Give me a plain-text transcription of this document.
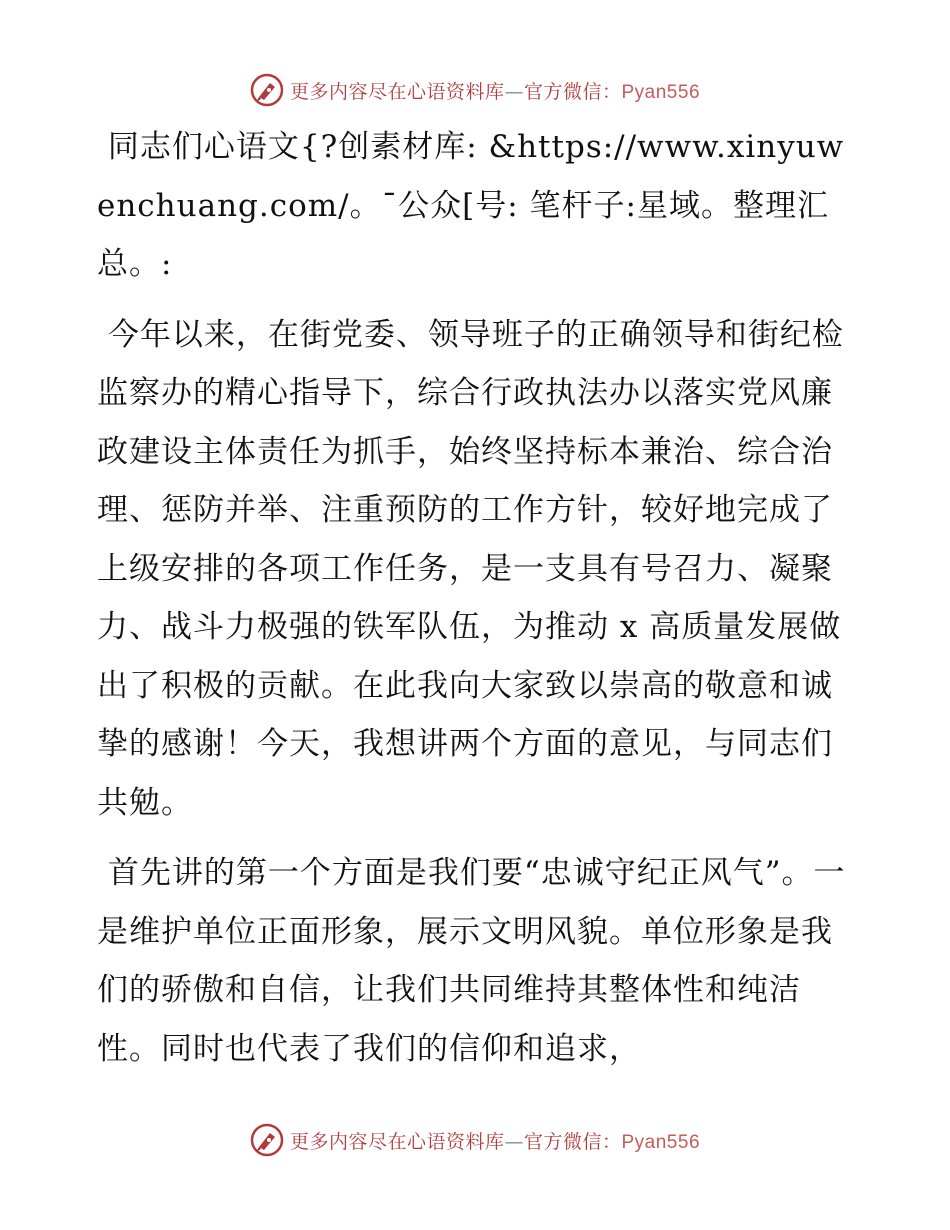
更多内容尽在心语资料库—官方微信：Pyan556

同志们心语文{?创素材库: &https://www.xinyuwenchuang.com/。¯公众[号: 笔杆子:星域。整理汇总。:

今年以来，在街党委、领导班子的正确领导和街纪检监察办的精心指导下，综合行政执法办以落实党风廉政建设主体责任为抓手，始终坚持标本兼治、综合治理、惩防并举、注重预防的工作方针，较好地完成了上级安排的各项工作任务，是一支具有号召力、凝聚力、战斗力极强的铁军队伍，为推动 x 高质量发展做出了积极的贡献。在此我向大家致以崇高的敬意和诚挚的感谢！今天，我想讲两个方面的意见，与同志们共勉。

首先讲的第一个方面是我们要“忠诚守纪正风气”。一是维护单位正面形象，展示文明风貌。单位形象是我们的骄傲和自信，让我们共同维持其整体性和纯洁性。同时也代表了我们的信仰和追求，

更多内容尽在心语资料库—官方微信：Pyan556
